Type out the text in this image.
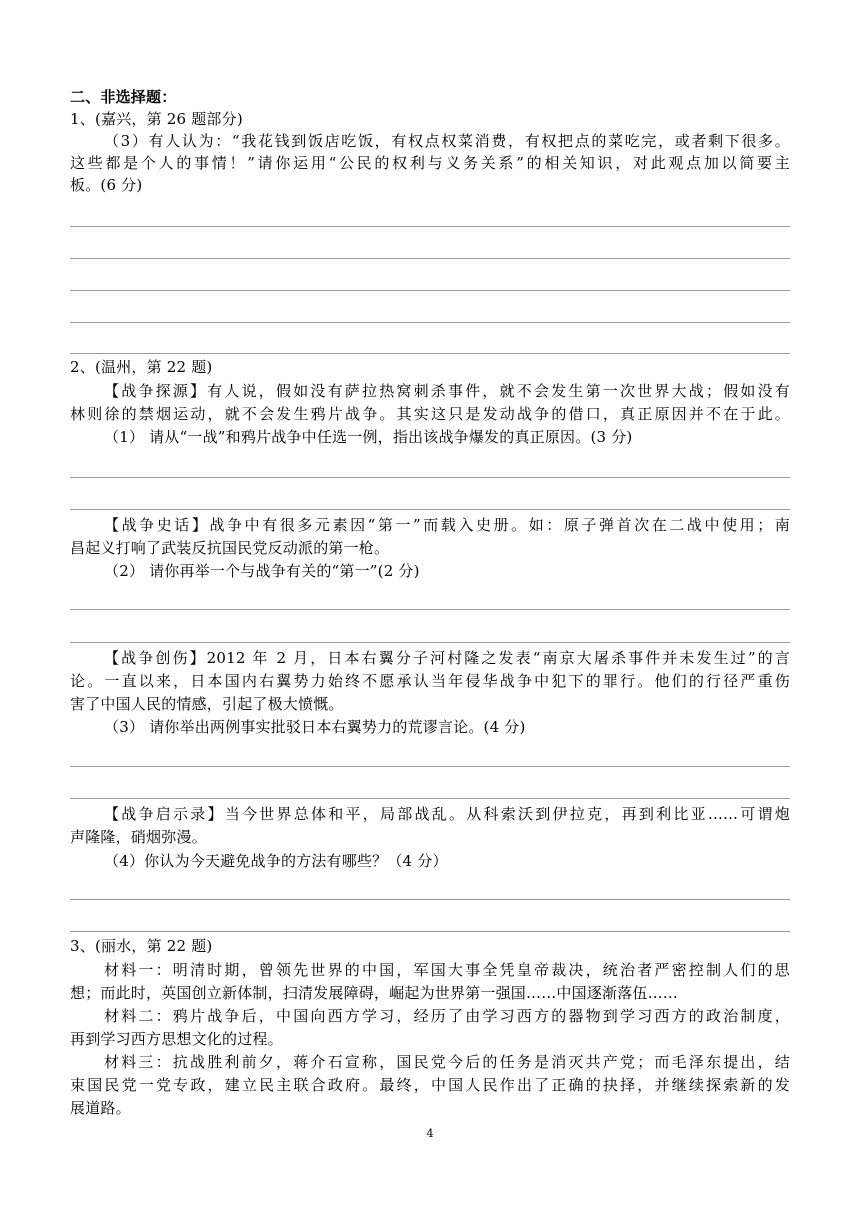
二、非选择题：
1、(嘉兴，第 26 题部分)
（3）有人认为：“我花钱到饭店吃饭，有权点权菜消费，有权把点的菜吃完，或者剩下很多。
这些都是个人的事情！”请你运用“公民的权利与义务关系”的相关知识，对此观点加以简要主
板。(6 分)
2、(温州，第 22 题)
【战争探源】有人说，假如没有萨拉热窝刺杀事件，就不会发生第一次世界大战；假如没有
林则徐的禁烟运动，就不会发生鸦片战争。其实这只是发动战争的借口，真正原因并不在于此。
（1） 请从“一战”和鸦片战争中任选一例，指出该战争爆发的真正原因。(3 分)
【战争史话】战争中有很多元素因“第一”而载入史册。如：原子弹首次在二战中使用；南
昌起义打响了武装反抗国民党反动派的第一枪。
（2） 请你再举一个与战争有关的“第一”(2 分)
【战争创伤】2012 年 2 月，日本右翼分子河村隆之发表“南京大屠杀事件并未发生过”的言
论。一直以来，日本国内右翼势力始终不愿承认当年侵华战争中犯下的罪行。他们的行径严重伤
害了中国人民的情感，引起了极大愤慨。
（3） 请你举出两例事实批驳日本右翼势力的荒谬言论。(4 分)
【战争启示录】当今世界总体和平，局部战乱。从科索沃到伊拉克，再到利比亚……可谓炮
声隆隆，硝烟弥漫。
（4）你认为今天避免战争的方法有哪些？（4 分）
3、(丽水，第 22 题)
材料一：明清时期，曾领先世界的中国，军国大事全凭皇帝裁决，统治者严密控制人们的思
想；而此时，英国创立新体制，扫清发展障碍，崛起为世界第一强国……中国逐渐落伍……
材料二：鸦片战争后，中国向西方学习，经历了由学习西方的器物到学习西方的政治制度，
再到学习西方思想文化的过程。
材料三：抗战胜利前夕，蒋介石宣称，国民党今后的任务是消灭共产党；而毛泽东提出，结
束国民党一党专政，建立民主联合政府。最终，中国人民作出了正确的抉择，并继续探索新的发
展道路。
4
